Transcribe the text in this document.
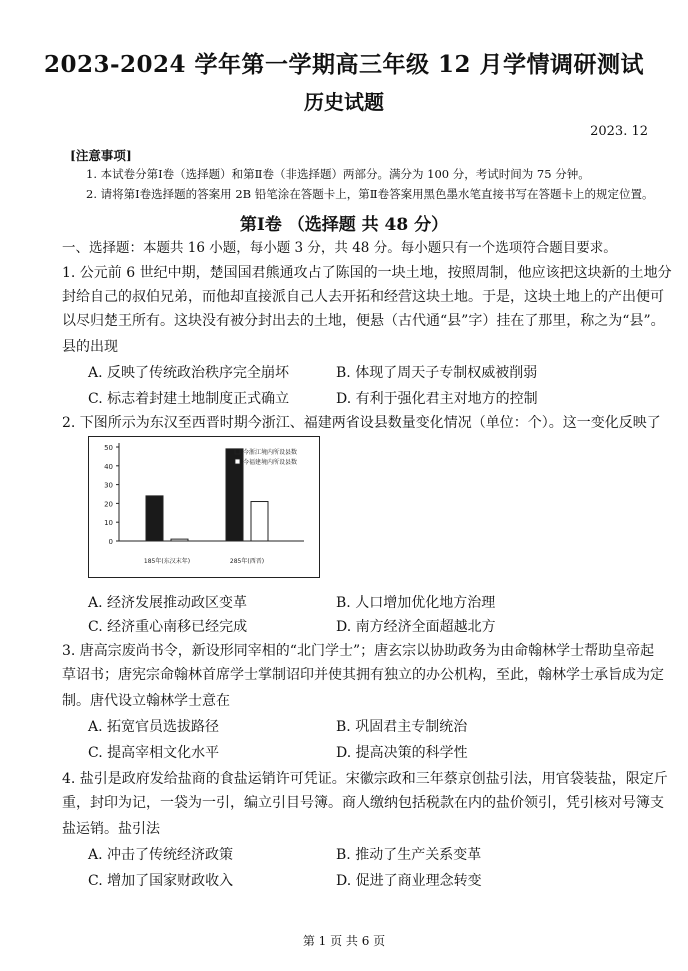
2023-2024 学年第一学期高三年级 12 月学情调研测试
历史试题
2023. 12
[注意事项]
1. 本试卷分第Ⅰ卷（选择题）和第Ⅱ卷（非选择题）两部分。满分为 100 分，考试时间为 75 分钟。
2. 请将第Ⅰ卷选择题的答案用 2B 铅笔涂在答题卡上，第Ⅱ卷答案用黑色墨水笔直接书写在答题卡上的规定位置。
第Ⅰ卷 （选择题 共 48 分）
一、选择题：本题共 16 小题，每小题 3 分，共 48 分。每小题只有一个选项符合题目要求。
1. 公元前 6 世纪中期，楚国国君熊通攻占了陈国的一块土地，按照周制，他应该把这块新的土地分
封给自己的叔伯兄弟，而他却直接派自己人去开拓和经营这块土地。于是，这块土地上的产出便可
以尽归楚王所有。这块没有被分封出去的土地，便悬（古代通“县”字）挂在了那里，称之为“县”。
县的出现
A. 反映了传统政治秩序完全崩坏	B. 体现了周天子专制权威被削弱
C. 标志着封建土地制度正式确立	D. 有利于强化君主对地方的控制
2. 下图所示为东汉至西晋时期今浙江、福建两省设县数量变化情况（单位：个）。这一变化反映了
0
10
20
30
40
50
185年(东汉末年)	285年(西晋)
今浙江境内所设县数
今福建境内所设县数
A. 经济发展推动政区变革	B. 人口增加优化地方治理
C. 经济重心南移已经完成	D. 南方经济全面超越北方
3. 唐高宗废尚书令，新设形同宰相的“北门学士”；唐玄宗以协助政务为由命翰林学士帮助皇帝起
草诏书；唐宪宗命翰林首席学士掌制诏印并使其拥有独立的办公机构，至此，翰林学士承旨成为定
制。唐代设立翰林学士意在
A. 拓宽官员选拔路径	B. 巩固君主专制统治
C. 提高宰相文化水平	D. 提高决策的科学性
4. 盐引是政府发给盐商的食盐运销许可凭证。宋徽宗政和三年蔡京创盐引法，用官袋装盐，限定斤
重，封印为记，一袋为一引，编立引目号簿。商人缴纳包括税款在内的盐价领引，凭引核对号簿支
盐运销。盐引法
A. 冲击了传统经济政策	B. 推动了生产关系变革
C. 增加了国家财政收入	D. 促进了商业理念转变
第 1 页 共 6 页
